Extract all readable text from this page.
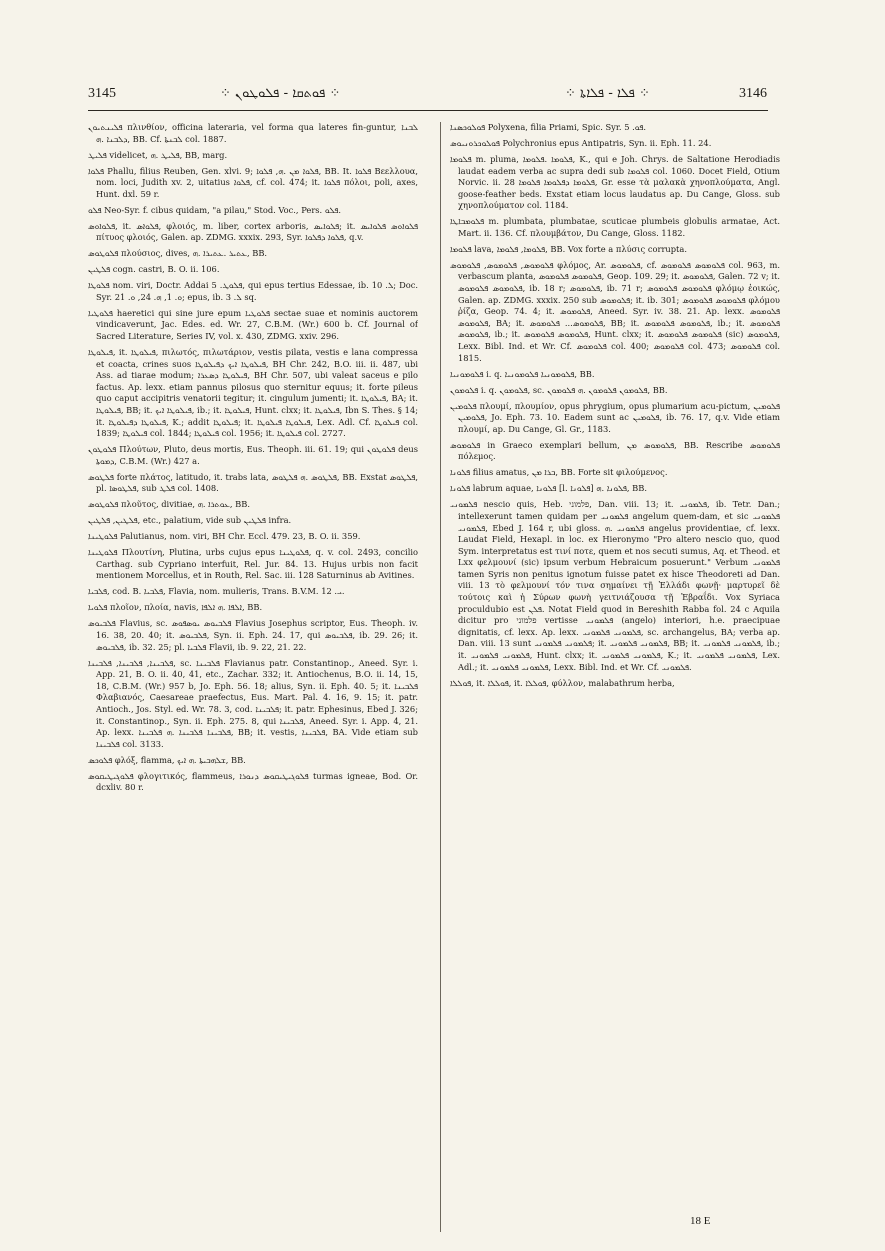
3145	⁘ ܦܘܬܩܐ - ܦܠܘܛܘܢ ⁘	⁘ ܦܠܐ - ܦܠܐܬܐ ⁘	3146

ܦܠܝܢܬܝܘܢ πλινθίον, officina lateraria, vel forma qua lateres fin-guntur, ܠܒܢܐ ܕܠܒܢܐ .ܗ, BB. Cf. ܠܒܢܬܐ col. 1887.

ܦܠܝܛ videlicet, ܦܠܝܛ .ܗ, BB, marg.

ܦܠܘܐ Phallu, filius Reuben, Gen. xlvi. 9; ܦܠܘܐ ܡܢ .ܗ, ܦܠܘܐ, BB. It. ܦܠܘܐ Βεελλουα, nom. loci, Judith xv. 2, uitatius ܦܠܘܐ, cf. col. 474; it. ܦܠܘܐ πόλοι, poli, axes, Hunt. dxl. 59 r.

ܦܠܘ Neo-Syr. f. cibus quidam, "a pilau," Stod. Voc., Pers. ܦܠܘ.

ܦܠܘܐܘܣ, it. ܦܠܘܐܣ, φλοιός, m. liber, cortex arboris, ܦܠܘܐܝܣ; it. ܦܠܘܐܘܣ ܦܠܘܐܝܣ πίτυος φλοιός, Galen. ap. ZDMG. xxxix. 293, Syr. ܦܠܘܐ ܕܦܠܘܐ, q.v.

ܦܠܘܛܘܣ πλούσιος, dives, ܥܬܝܪ .ܥܬܝܪܐ .ܗ, BB.

ܦܠܛܝܢ cogn. castri, B. O. ii. 106.

ܦܠܘܛܐ nom. viri, Doctr. Addai ܦܠܘܛ. 5, qui epus tertius Edessae, ib. ܠ. 10; Doc. Syr. ܘ. 1, ܗ. 24, ܘ. 21; epus, ib. ܠ. 3 sq.

ܦܠܘܛܝܐ haeretici qui sine jure epum ܦܠܘܛܝܐ sectae suae et nominis auctorem vindicaverunt, Jac. Edes. ed. Wr. 27, C.B.M. (Wr.) 600 b. Cf. Journal of Sacred Literature, Series IV, vol. x. 430, ZDMG. xxiv. 296.

ܦܝܠܘܛܐ, it. ܦܝܠܘܛܐ, πιλωτός, πιλωτάριον, vestis pilata, vestis e lana compressa et coacta, crines suos ܦܝܠܘܛܐ ܐܝܟ ܕܦܝܠܘܛܐ, BH Chr. 242, B.O. iii. ii. 487, ubi Ass. ad tiarae modum; ܦܝܠܘܛܐ ܕܣܥܪܐ, BH Chr. 507, ubi valeat saceus e pilo factus. Ap. lexx. etiam pannus pilosus quo sternitur equus; it. forte pileus quo caput accipitris venatorii tegitur; it. cingulum jumenti; it. ܦܝܠܘܛܐ, BA; it. ܦܝܠܘܛܐ, BB; it. ܦܝܠܘܛܐ ܐܝܟ, ib.; it. ܦܝܠܘܛܐ, Hunt. clxx; it. ܦܝܠܘܛܐ, Ibn S. Thes. § 14; it. ܦܝܠܘܛܐ ܕܦܝܠܘܛܐ, K.; addit ܦܝܠܘܛܐ; it. ܦܝܠܘܛܐ ܦܝܠܘܛܐ, Lex. Adl. Cf. ܦܝܠܘܛܐ col. 1839; ܦܝܠܘܛܐ col. 1844; ܦܝܠܘܛܐ col. 1956; it. ܦܝܠܘܛܐ col. 2727.

ܦܠܘܛܘܢ Πλούτων, Pluto, deus mortis, Eus. Theoph. iii. 61. 19; qui ܦܠܘܛܘܢ deus ܕܡܘܬܐ, C.B.M. (Wr.) 427 a.

ܦܠܛܘܣ forte πλάτος, latitudo, it. trabs lata, ܦܠܛܘܣ .ܗ ܦܠܛܘܣ, BB. Exstat ܦܠܛܘܣ, pl. ܦܠܛܘܣܐ, sub ܦܠܛ col. 1408.

ܦܠܘܛܘܣ πλοῦτος, divitiae, ܥܘܬܪܐ .ܗ, BB.

ܦܠܛܝܢ, ܦܠܛܝܢ, etc., palatium, vide sub ܦܠܛܝܢ infra.

ܦܠܘܛܝܢܐ Palutianus, nom. viri, BH Chr. Eccl. 479. 23, B. O. ii. 359.

ܦܠܘܛܝܢܐ Πλουτίνη, Plutina, urbs cujus epus ܦܠܘܛܝܢܐ, q. v. col. 2493, concilio Carthag. sub Cypriano interfuit, Rel. Jur. 84. 13. Hujus urbis non facit mentionem Morcellus, et in Routh, Rel. Sac. iii. 128 Saturninus ab Avitines.

ܦܠܒܝܐ, cod. B. ܦܠܒܝܐ, Flavia, nom. mulieris, Trans. B.V.M. ܝ. 12.

ܦܠܘܝܐ πλοῖον, πλοία, navis, ܐܠܦܐ .ܗ ܐܠܦܐ, BB.

ܦܠܒܝܘܣ Flavius, sc. ܦܠܒܝܘܣ ܝܘܣܦܘܣ Flavius Josephus scriptor, Eus. Theoph. iv. 16. 38, 20. 40; it. ܦܠܒܝܘܣ, Syn. ii. Eph. 24. 17, qui ܦܠܒܝܘܣ, ib. 29. 26; it. ܦܠܒܝܘܣ, ib. 32. 25; pl. ܦܠܒܝܐ Flavii, ib. 9. 22, 21. 22.

ܦܠܒܝܢܐ, ܦܠܒܝܢܐ, ܦܠܒܝܢܐ, sc. ܦܠܒܝܢܐ Flavianus patr. Constantinop., Aneed. Syr. i. App. 21, B. O. ii. 40, 41, etc., Zachar. 332; it. Antiochenus, B.O. ii. 14, 15, 18, C.B.M. (Wr.) 957 b, Jo. Eph. 56. 18; alius, Syn. ii. Eph. 40. 5; it. ܦܠܒܝܢܐ Φλαβιανός, Caesareae praefectus, Eus. Mart. Pal. 4. 16, 9. 15; it. patr. Antioch., Jos. Styl. ed. Wr. 78. 3, cod. ܦܠܒܝܢܐ; it. patr. Ephesinus, Ebed J. 326; it. Constantinop., Syn. ii. Eph. 275. 8, qui ܦܠܒܝܢܐ, Aneed. Syr. i. App. 4, 21. Ap. lexx. ܦܠܒܝܢܐ ܦܠܒܝܢܐ .ܗ ܦܠܒܝܢܐ, BB; it. vestis, ܦܠܒܝܢܐ, BA. Vide etiam sub ܦܠܒܝܢܐ col. 3133.

ܦܠܘܟܣ φλόξ, flamma, ܫܠܗܒܝܬܐ .ܗ ܐܝܟ, BB.

ܦܠܘܓܝܛܝܩܘܣ φλογιτικός, flammeus, ܦܠܘܓܝܛܝܩܘܣ ܕܢܘܪܐ turmas igneae, Bod. Or. dcxliv. 80 r.

ܦܘܠܘܟܣܢܐ Polyxena, filia Priami, Spic. Syr. ܦܘ. 5.

ܦܘܠܘܟܪܘܢܝܘܣ Polychronius epus Antipatris, Syn. ii. Eph. 11. 24.

ܦܠܘܡܐ m. pluma, ܦܠܘܡܐ .ܦܠܘܡܐ, K., qui e Joh. Chrys. de Saltatione Herodiadis laudat eadem verba ac supra dedi sub ܦܠܘܡܐ col. 1060. Docet Field, Otium Norvic. ii. 28 ܦܠܘܡܐ ܕܦܠܘܡܐ ܦܠܘܡܐ, Gr. esse τὰ μαλακὰ χηνοπλούματα, Angl. goose-feather beds. Exstat etiam locus laudatus ap. Du Cange, Gloss. sub χηνοπλούματον col. 1184.

ܦܠܘܡܒܐܛܐ m. plumbata, plumbatae, scuticae plumbeis globulis armatae, Act. Mart. ii. 136. Cf. πλουμβάτον, Du Cange, Gloss. 1182.

ܦܠܘܡܐ lava, ܦܠܘܡܐ, ܦܠܘܡܐ, BB. Vox forte a πλύσις corrupta.

ܦܠܘܡܘܣ, ܦܠܘܡܘܣ, ܦܠܘܡܘܣ φλόμος, Ar. ܦܠܘܡܘܣ, cf. ܦܠܘܡܘܣ ܦܠܘܡܘܣ col. 963, m. verbascum planta, ܦܠܘܡܘܣ ܦܠܘܡܘܣ, Geop. 109. 29; it. ܦܠܘܡܘܣ, Galen. 72 v; it. ܦܠܘܡܘܣ ܦܠܘܡܘܣ, ib. 18 r; ܦܠܘܡܘܣ, ib. 71 r; ܦܠܘܡܘܣ ܦܠܘܡܘܣ φλόμῳ ἐοικώς, Galen. ap. ZDMG. xxxix. 250 sub ܦܠܘܡܘܣ; it. ib. 301; ܦܠܘܡܘܣ ܦܠܘܡܘܣ φλόμου ῥίζα, Geop. 74. 4; it. ܦܠܘܡܘܣ, Aneed. Syr. iv. 38. 21. Ap. lexx. ܦܠܘܡܘܣ ܦܠܘܡܘܣ, BA; it. ܦܠܘܡܘܣ... ܦܠܘܡܘܣ, BB; it. ܦܠܘܡܘܣ ܦܠܘܡܘܣ, ib.; it. ܦܠܘܡܘܣ ܦܠܘܡܘܣ, ib.; it. ܦܠܘܡܘܣ ܦܠܘܡܘܣ, Hunt. clxx; it. ܦܠܘܡܘܣ ܦܠܘܡܘܣ (sic) ܦܠܘܡܘܣ, Lexx. Bibl. Ind. et Wr. Cf. ܦܠܘܡܘܣ col. 400; ܦܠܘܡܘܣ col. 473; ܦܠܘܡܘܣ col. 1815.

ܦܠܘܡܘܢܝܐ i. q. ܦܠܘܡܘܢܝܐ ܦܠܘܡܘܢܝܐ, BB.

ܦܠܘܡܘܢ i. q. ܦܠܘܡܘܢ, sc. ܦܠܘܡܘܢ ܦܠܘܡܘܢ .ܗ ܦܠܘܡܘܢ, BB.

ܦܠܘܡܝܢ πλουμί, πλουμίον, opus phrygium, opus plumarium acu-pictum, ܦܠܘܡܝܢ ܦܠܘܡܝܢ, Jo. Eph. 73. 10. Eadem sunt ac ܦܠܘܡܝܢ, ib. 76. 17, q.v. Vide etiam πλουμί, ap. Du Cange, Gl. Gr., 1183.

ܦܠܘܡܘܣ in Graeco exemplari bellum, ܦܠܘܡܘܣ ܡܢ, BB. Rescribe ܦܠܘܡܘܣ πόλεμος.

ܦܠܘܢܐ filius amatus, ܒܪܐ ܡܢ, BB. Forte sit φιλούμενος.

ܦܠܘܢܐ labrum aquae, ܦܠܘܢܐ [l. ܦܠܘܢܐ] ܦܠܘܢܐ .ܗ, BB.

ܦܠܡܘܢܝ nescio quis, Heb. פלמוני, Dan. viii. 13; it. ܦܠܡܘܢܝ, ib. Tetr. Dan.; intellexerunt tamen quidam per ܦܠܡܘܢܝ angelum quem-dam, et sic ܦܠܡܘܢܝ ܦܠܡܘܢܝ, Ebed J. 164 r, ubi gloss. ܦܠܡܘܢܝ .ܗ angelus providentiae, cf. lexx. Laudat Field, Hexapl. in loc. ex Hieronymo "Pro altero nescio quo, quod Sym. interpretatus est τινί ποτε, quem et nos secuti sumus, Aq. et Theod. et Lxx φελμουνί (sic) ipsum verbum Hebraicum posuerunt." Verbum ܦܠܡܘܢܝ tamen Syris non penitus ignotum fuisse patet ex hisce Theodoreti ad Dan. viii. 13 τὸ φελμουνί τόν τινα σημαίνει τῇ Ἑλλάδι φωνῇ· μαρτυρεῖ δὲ τούτοις καὶ ἡ Σύρων φωνὴ γειτνιάζουσα τῇ Ἑβραΐδι. Vox Syriaca proculdubio est ܦܠܢ. Notat Field quod in Bereshith Rabba fol. 24 c Aquila dicitur pro פלמוני vertisse ܦܠܡܘܢܝ (angelo) interiori, h.e. praecipuae dignitatis, cf. lexx. Ap. lexx. ܦܠܡܘܢܝ ܦܠܡܘܢܝ, sc. archangelus, BA; verba ap. Dan. viii. 13 sunt ܦܠܡܘܢܝ ܦܠܡܘܢܝ; it. ܦܠܡܘܢܝ ܦܠܡܘܢܝ, BB; it. ܦܠܡܘܢܝ ܦܠܡܘܢܝ, ib.; it. ܦܠܡܘܢܝ ܦܠܡܘܢܝ, Hunt. clxx; it. ܦܠܡܘܢܝ ܦܠܡܘܢܝ, K.; it. ܦܠܡܘܢܝ ܦܠܡܘܢܝ, Lex. Adl.; it. ܦܠܡܘܢܝ ܦܠܡܘܢܝ, Lexx. Bibl. Ind. et Wr. Cf. ܦܠܡܘܢܝ.

ܦܘܠܠܐ, it. ܦܘܠܠܐ, it. ܦܘܠܠܐ, φύλλον, malabathrum herba,

18 E
